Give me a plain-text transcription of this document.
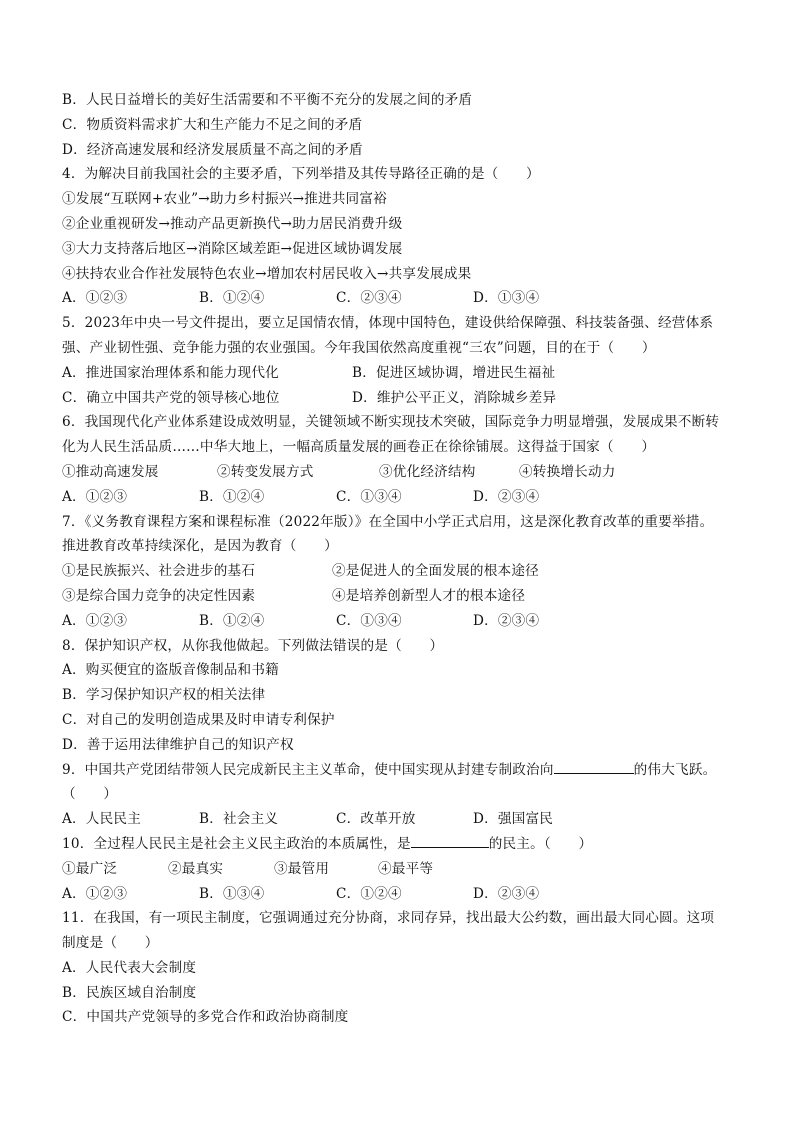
B．人民日益增长的美好生活需要和不平衡不充分的发展之间的矛盾
C．物质资料需求扩大和生产能力不足之间的矛盾
D．经济高速发展和经济发展质量不高之间的矛盾
4．为解决目前我国社会的主要矛盾，下列举措及其传导路径正确的是（　　）
①发展“互联网+农业”→助力乡村振兴→推进共同富裕
②企业重视研发→推动产品更新换代→助力居民消费升级
③大力支持落后地区→消除区域差距→促进区域协调发展
④扶持农业合作社发展特色农业→增加农村居民收入→共享发展成果
A．①②③	B．①②④	C．②③④	D．①③④
5．2023年中央一号文件提出，要立足国情农情，体现中国特色，建设供给保障强、科技装备强、经营体系
强、产业韧性强、竞争能力强的农业强国。今年我国依然高度重视“三农”问题，目的在于（　　）
A．推进国家治理体系和能力现代化	B．促进区域协调，增进民生福祉
C．确立中国共产党的领导核心地位	D．维护公平正义，消除城乡差异
6．我国现代化产业体系建设成效明显，关键领域不断实现技术突破，国际竞争力明显增强，发展成果不断转
化为人民生活品质……中华大地上，一幅高质量发展的画卷正在徐徐铺展。这得益于国家（　　）
①推动高速发展	②转变发展方式	③优化经济结构	④转换增长动力
A．①②③	B．①②④	C．①③④	D．②③④
7．《义务教育课程方案和课程标准（2022年版）》在全国中小学正式启用，这是深化教育改革的重要举措。
推进教育改革持续深化，是因为教育（　　）
①是民族振兴、社会进步的基石	②是促进人的全面发展的根本途径
③是综合国力竞争的决定性因素	④是培养创新型人才的根本途径
A．①②③	B．①②④	C．①③④	D．②③④
8．保护知识产权，从你我他做起。下列做法错误的是（　　）
A．购买便宜的盗版音像制品和书籍
B．学习保护知识产权的相关法律
C．对自己的发明创造成果及时申请专利保护
D．善于运用法律维护自己的知识产权
9．中国共产党团结带领人民完成新民主主义革命，使中国实现从封建专制政治向	的伟大飞跃。
（　　）
A．人民民主	B．社会主义	C．改革开放	D．强国富民
10．全过程人民民主是社会主义民主政治的本质属性，是	的民主。（　　）
①最广泛	②最真实	③最管用	④最平等
A．①②③	B．①③④	C．①②④	D．②③④
11．在我国，有一项民主制度，它强调通过充分协商，求同存异，找出最大公约数，画出最大同心圆。这项
制度是（　　）
A．人民代表大会制度
B．民族区域自治制度
C．中国共产党领导的多党合作和政治协商制度
